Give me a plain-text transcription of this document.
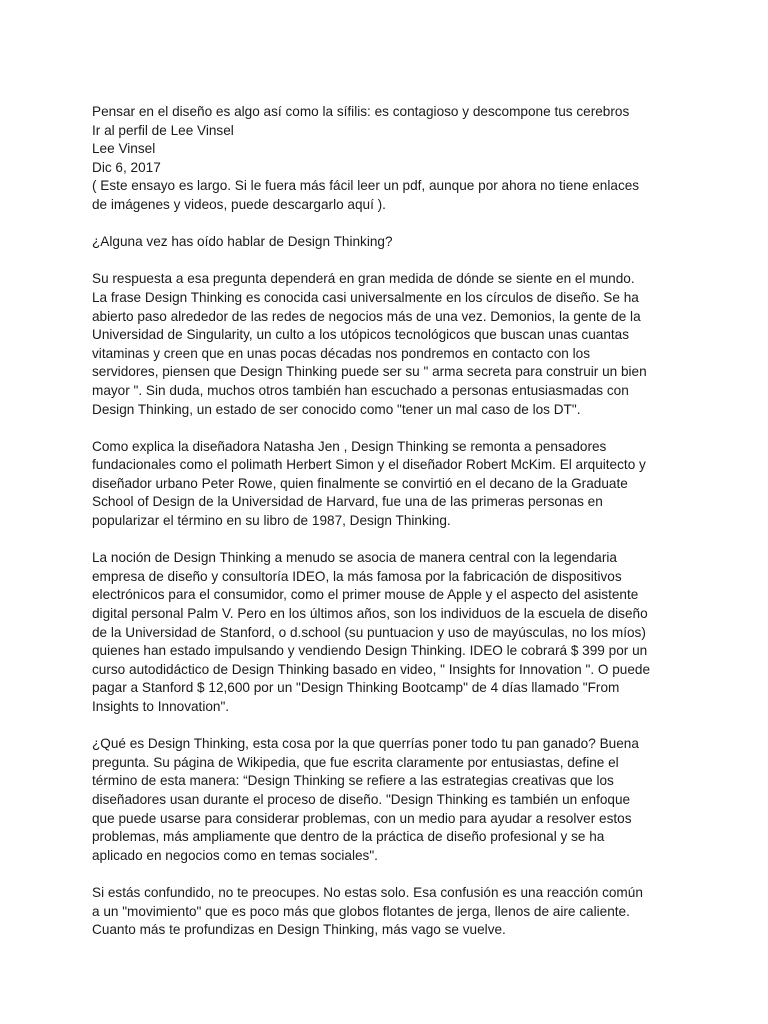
Pensar en el diseño es algo así como la sífilis: es contagioso y descompone tus cerebros

Ir al perfil de Lee Vinsel

Lee Vinsel

Dic 6, 2017

( Este ensayo es largo. Si le fuera más fácil leer un pdf, aunque por ahora no tiene enlaces

de imágenes y videos, puede descargarlo aquí ).

¿Alguna vez has oído hablar de Design Thinking?

Su respuesta a esa pregunta dependerá en gran medida de dónde se siente en el mundo.

La frase Design Thinking es conocida casi universalmente en los círculos de diseño. Se ha

abierto paso alrededor de las redes de negocios más de una vez. Demonios, la gente de la

Universidad de Singularity, un culto a los utópicos tecnológicos que buscan unas cuantas

vitaminas y creen que en unas pocas décadas nos pondremos en contacto con los

servidores, piensen que Design Thinking puede ser su " arma secreta para construir un bien

mayor ". Sin duda, muchos otros también han escuchado a personas entusiasmadas con

Design Thinking, un estado de ser conocido como "tener un mal caso de los DT".

Como explica la diseñadora Natasha Jen , Design Thinking se remonta a pensadores

fundacionales como el polimath Herbert Simon y el diseñador Robert McKim. El arquitecto y

diseñador urbano Peter Rowe, quien finalmente se convirtió en el decano de la Graduate

School of Design de la Universidad de Harvard, fue una de las primeras personas en

popularizar el término en su libro de 1987, Design Thinking.

La noción de Design Thinking a menudo se asocia de manera central con la legendaria

empresa de diseño y consultoría IDEO, la más famosa por la fabricación de dispositivos

electrónicos para el consumidor, como el primer mouse de Apple y el aspecto del asistente

digital personal Palm V. Pero en los últimos años, son los individuos de la escuela de diseño

de la Universidad de Stanford, o d.school (su puntuacion y uso de mayúsculas, no los míos)

quienes han estado impulsando y vendiendo Design Thinking. IDEO le cobrará $ 399 por un

curso autodidáctico de Design Thinking basado en video, " Insights for Innovation ". O puede

pagar a Stanford $ 12,600 por un "Design Thinking Bootcamp" de 4 días llamado "From

Insights to Innovation".

¿Qué es Design Thinking, esta cosa por la que querrías poner todo tu pan ganado? Buena

pregunta. Su página de Wikipedia, que fue escrita claramente por entusiastas, define el

término de esta manera: “Design Thinking se refiere a las estrategias creativas que los

diseñadores usan durante el proceso de diseño. "Design Thinking es también un enfoque

que puede usarse para considerar problemas, con un medio para ayudar a resolver estos

problemas, más ampliamente que dentro de la práctica de diseño profesional y se ha

aplicado en negocios como en temas sociales".

Si estás confundido, no te preocupes. No estas solo. Esa confusión es una reacción común

a un "movimiento" que es poco más que globos flotantes de jerga, llenos de aire caliente.

Cuanto más te profundizas en Design Thinking, más vago se vuelve.
